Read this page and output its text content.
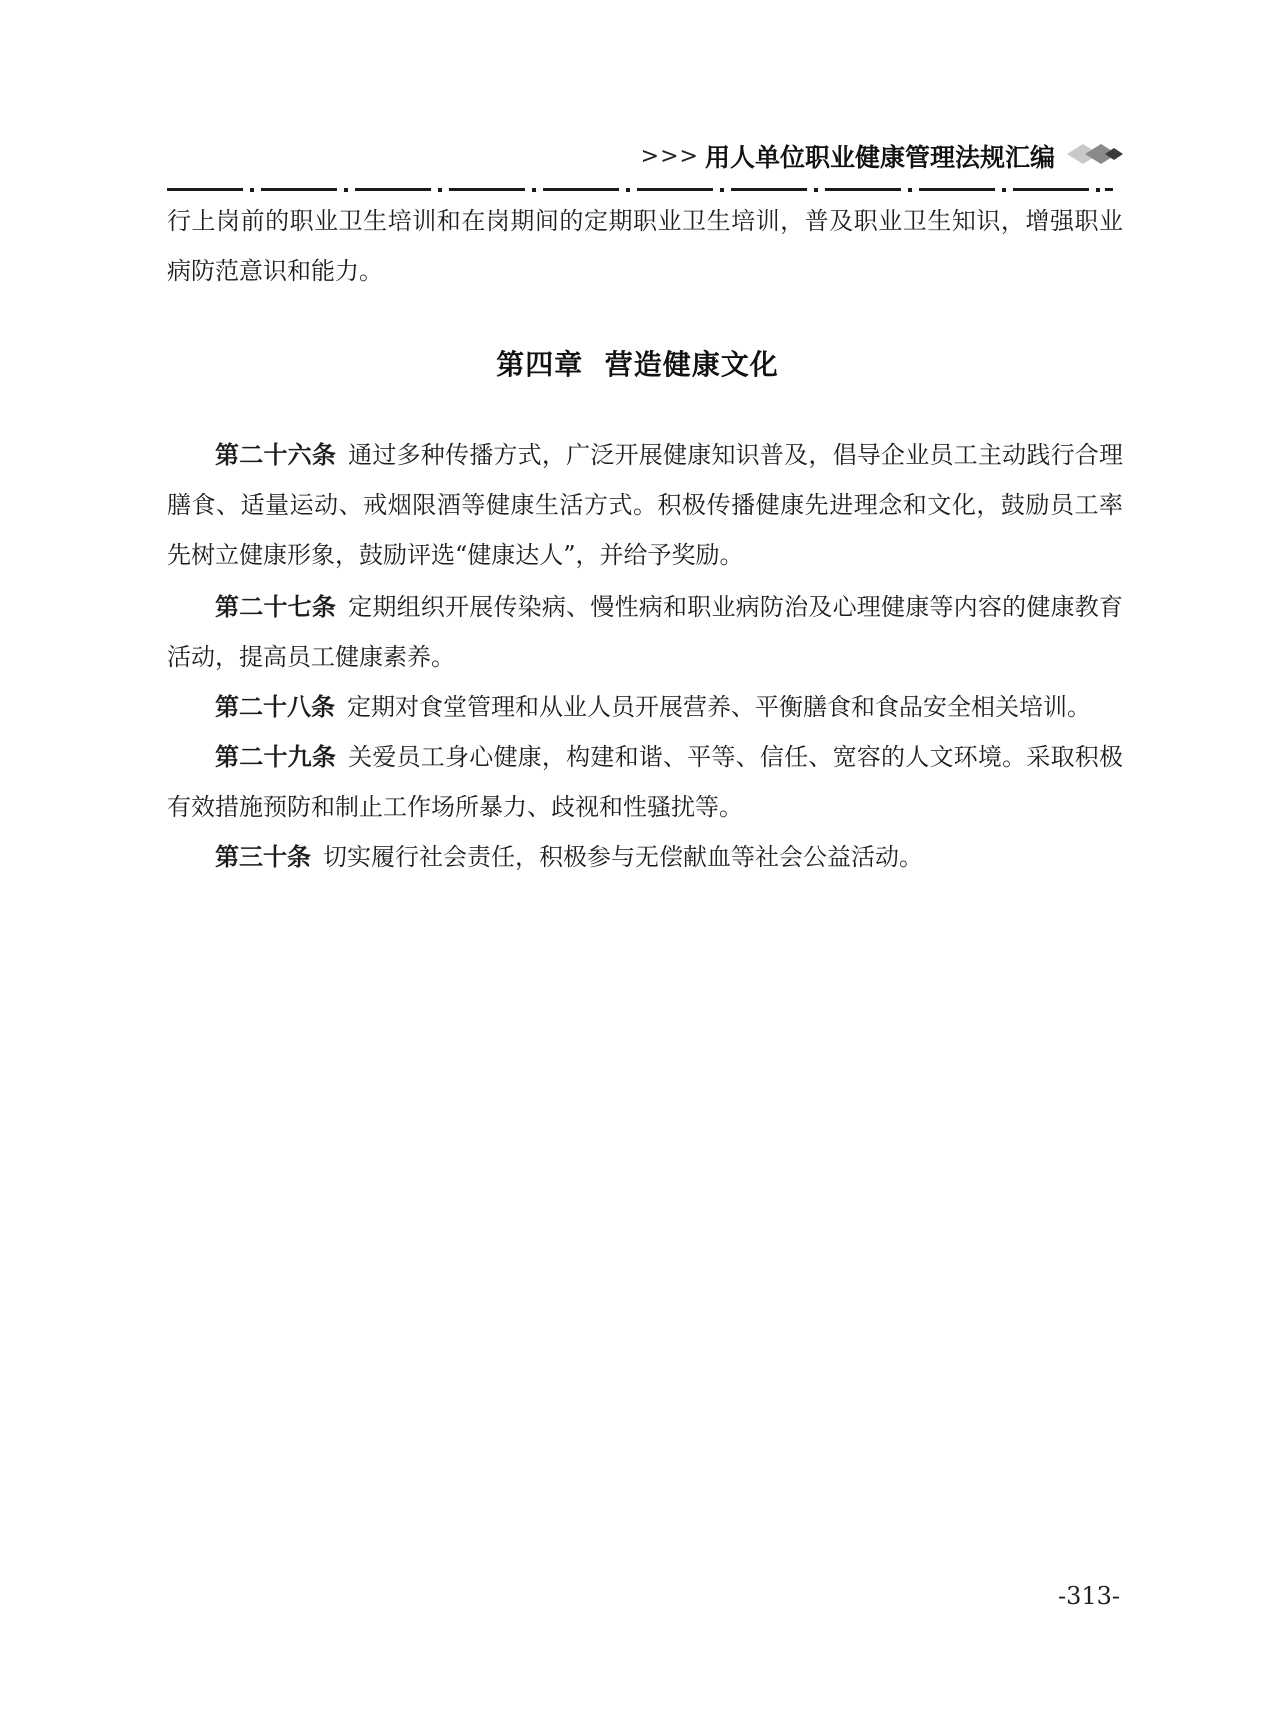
>>> 用人单位职业健康管理法规汇编

行上岗前的职业卫生培训和在岗期间的定期职业卫生培训，普及职业卫生知识，增强职业病防范意识和能力。

第四章  营造健康文化

第二十六条 通过多种传播方式，广泛开展健康知识普及，倡导企业员工主动践行合理膳食、适量运动、戒烟限酒等健康生活方式。积极传播健康先进理念和文化，鼓励员工率先树立健康形象，鼓励评选“健康达人”，并给予奖励。

第二十七条 定期组织开展传染病、慢性病和职业病防治及心理健康等内容的健康教育活动，提高员工健康素养。

第二十八条 定期对食堂管理和从业人员开展营养、平衡膳食和食品安全相关培训。

第二十九条 关爱员工身心健康，构建和谐、平等、信任、宽容的人文环境。采取积极有效措施预防和制止工作场所暴力、歧视和性骚扰等。

第三十条 切实履行社会责任，积极参与无偿献血等社会公益活动。

-313-
